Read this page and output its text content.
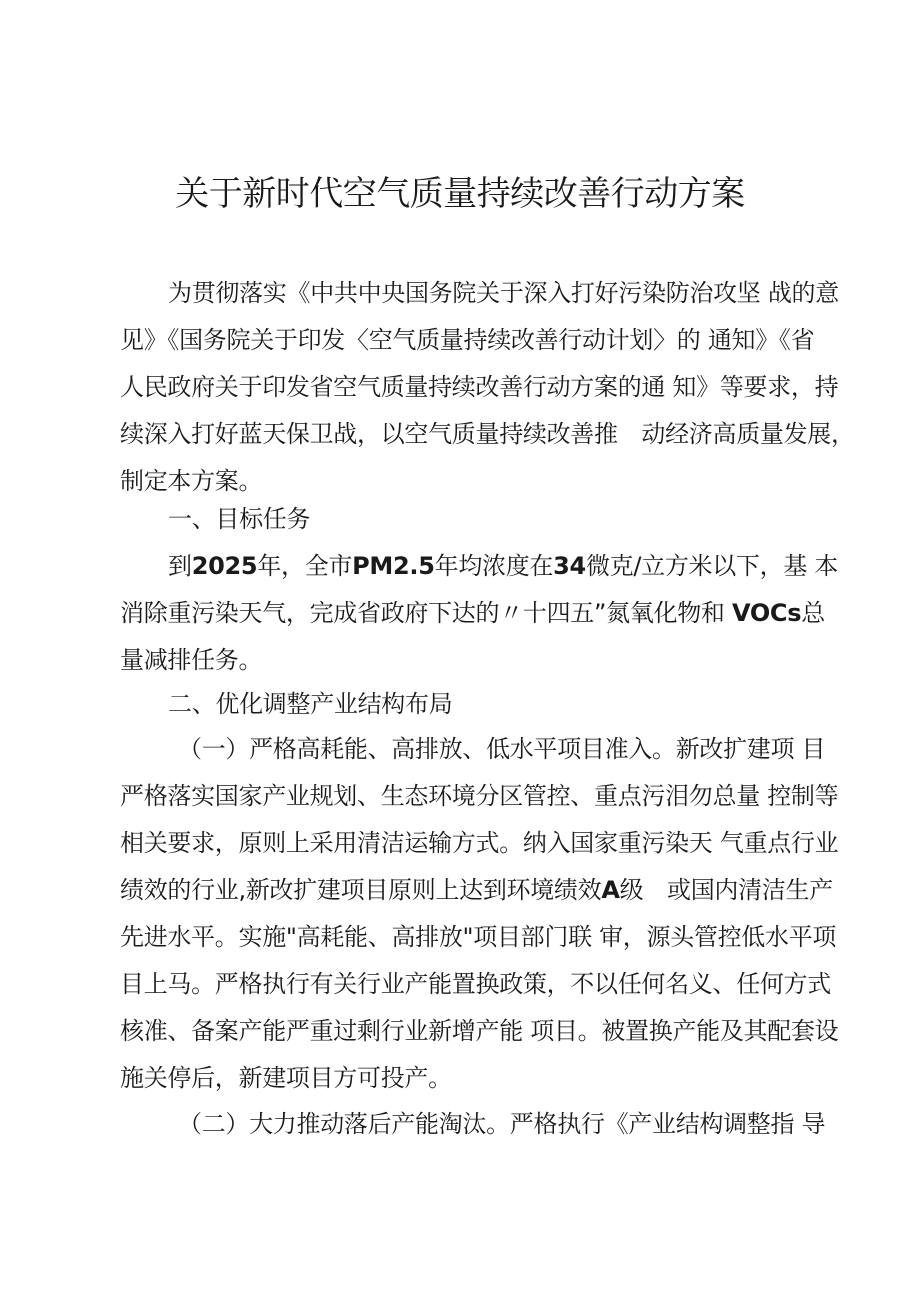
关于新时代空气质量持续改善行动方案
为贯彻落实《中共中央国务院关于深入打好污染防治攻坚 战的意
见》《国务院关于印发〈空气质量持续改善行动计划〉的 通知》《省
人民政府关于印发省空气质量持续改善行动方案的通 知》等要求，持
续深入打好蓝天保卫战，以空气质量持续改善推　动经济高质量发展，
制定本方案。
一、目标任务
到2025年，全市PM2.5年均浓度在34微克/立方米以下，基 本
消除重污染天气，完成省政府下达的〃十四五”氮氧化物和 VOCs总
量减排任务。
二、优化调整产业结构布局
（一）严格高耗能、高排放、低水平项目准入。新改扩建项 目
严格落实国家产业规划、生态环境分区管控、重点污泪勿总量 控制等
相关要求，原则上采用清洁运输方式。纳入国家重污染天 气重点行业
绩效的行业,新改扩建项目原则上达到环境绩效A级　或国内清洁生产
先进水平。实施"高耗能、高排放"项目部门联 审，源头管控低水平项
目上马。严格执行有关行业产能置换政策，不以任何名义、任何方式
核准、备案产能严重过剩行业新增产能 项目。被置换产能及其配套设
施关停后，新建项目方可投产。
（二）大力推动落后产能淘汰。严格执行《产业结构调整指 导
